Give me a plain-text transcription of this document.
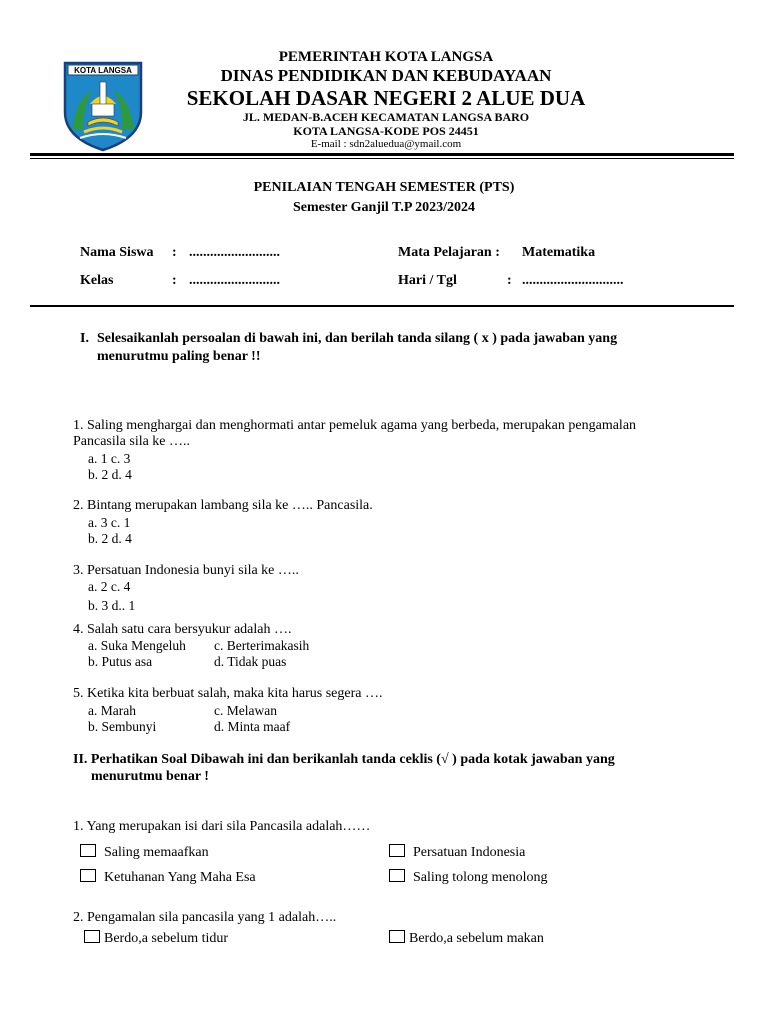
KOTA LANGSA
PEMERINTAH KOTA LANGSA
DINAS PENDIDIKAN DAN KEBUDAYAAN
SEKOLAH DASAR NEGERI 2 ALUE DUA
JL. MEDAN-B.ACEH KECAMATAN LANGSA BARO
KOTA LANGSA-KODE POS 24451
E-mail : sdn2aluedua@ymail.com
PENILAIAN TENGAH SEMESTER (PTS)
Semester Ganjil T.P 2023/2024
Nama Siswa : ..........................
Kelas	: ..........................
Mata Pelajaran : Matematika
Hari / Tgl	: .............................
I. Selesaikanlah persoalan di bawah ini, dan berilah tanda silang ( x ) pada jawaban yang
menurutmu paling benar !!
1. Saling menghargai dan menghormati antar pemeluk agama yang berbeda, merupakan pengamalan
Pancasila sila ke …..
a. 1 c. 3
b. 2 d. 4
2. Bintang merupakan lambang sila ke ….. Pancasila.
a. 3 c. 1
b. 2 d. 4
3. Persatuan Indonesia bunyi sila ke …..
a. 2 c. 4
b. 3 d.. 1
4. Salah satu cara bersyukur adalah ….
a. Suka Mengeluh c. Berterimakasih
b. Putus asa	d. Tidak puas
5. Ketika kita berbuat salah, maka kita harus segera ….
a. Marah	c. Melawan
b. Sembunyi	d. Minta maaf
II. Perhatikan Soal Dibawah ini dan berikanlah tanda ceklis (√ ) pada kotak jawaban yang
menurutmu benar !
1. Yang merupakan isi dari sila Pancasila adalah……
Saling memaafkan	Persatuan Indonesia
Ketuhanan Yang Maha Esa	Saling tolong menolong
2. Pengamalan sila pancasila yang 1 adalah…..
Berdo,a sebelum tidur	Berdo,a sebelum makan
